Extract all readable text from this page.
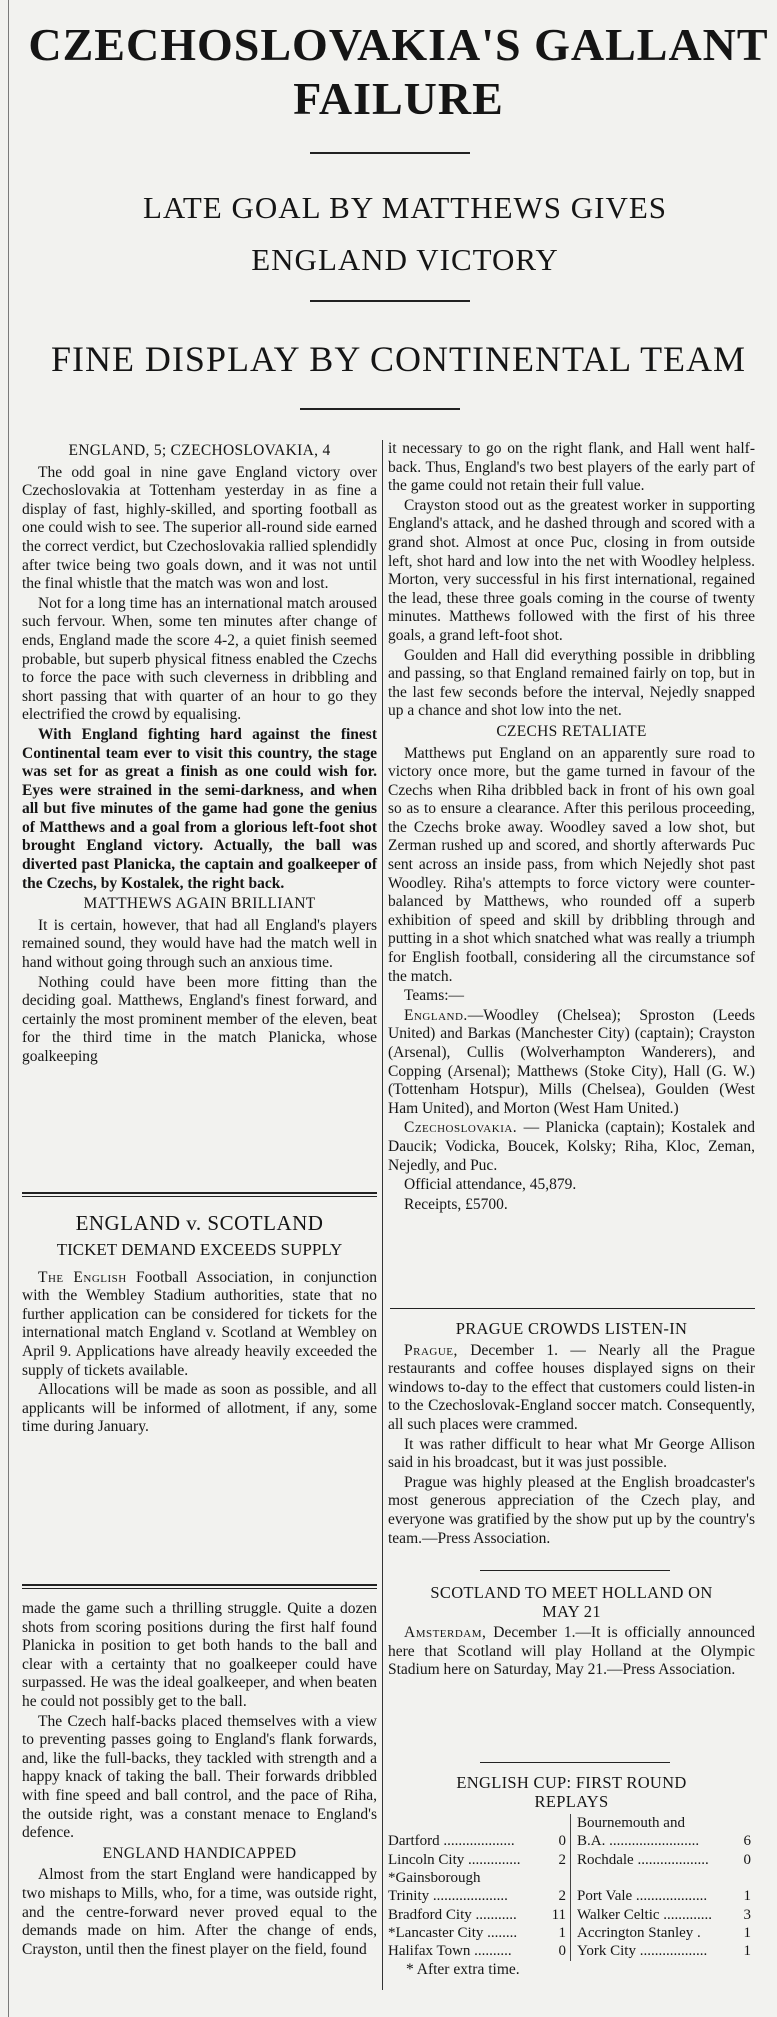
CZECHOSLOVAKIA'S GALLANT FAILURE
LATE GOAL BY MATTHEWS GIVES ENGLAND VICTORY
FINE DISPLAY BY CONTINENTAL TEAM
ENGLAND, 5; CZECHOSLOVAKIA, 4

The odd goal in nine gave England victory over Czechoslovakia at Tottenham yesterday in as fine a display of fast, highly-skilled, and sporting football as one could wish to see. The superior all-round side earned the correct verdict, but Czechoslovakia rallied splendidly after twice being two goals down, and it was not until the final whistle that the match was won and lost.

Not for a long time has an international match aroused such fervour. When, some ten minutes after change of ends, England made the score 4-2, a quiet finish seemed probable, but superb physical fitness enabled the Czechs to force the pace with such cleverness in dribbling and short passing that with quarter of an hour to go they electrified the crowd by equalising.

With England fighting hard against the finest Continental team ever to visit this country, the stage was set for as great a finish as one could wish for. Eyes were strained in the semi-darkness, and when all but five minutes of the game had gone the genius of Matthews and a goal from a glorious left-foot shot brought England victory. Actually, the ball was diverted past Planicka, the captain and goalkeeper of the Czechs, by Kostalek, the right back.

MATTHEWS AGAIN BRILLIANT

It is certain, however, that had all England's players remained sound, they would have had the match well in hand without going through such an anxious time.

Nothing could have been more fitting than the deciding goal. Matthews, England's finest forward, and certainly the most prominent member of the eleven, beat for the third time in the match Planicka, whose goalkeeping

ENGLAND v. SCOTLAND
TICKET DEMAND EXCEEDS SUPPLY

The English Football Association, in conjunction with the Wembley Stadium authorities, state that no further application can be considered for tickets for the international match England v. Scotland at Wembley on April 9. Applications have already heavily exceeded the supply of tickets available.

Allocations will be made as soon as possible, and all applicants will be informed of allotment, if any, some time during January.

made the game such a thrilling struggle. Quite a dozen shots from scoring positions during the first half found Planicka in position to get both hands to the ball and clear with a certainty that no goalkeeper could have surpassed. He was the ideal goalkeeper, and when beaten he could not possibly get to the ball.

The Czech half-backs placed themselves with a view to preventing passes going to England's flank forwards, and, like the full-backs, they tackled with strength and a happy knack of taking the ball. Their forwards dribbled with fine speed and ball control, and the pace of Riha, the outside right, was a constant menace to England's defence.

ENGLAND HANDICAPPED

Almost from the start England were handicapped by two mishaps to Mills, who, for a time, was outside right, and the centre-forward never proved equal to the demands made on him. After the change of ends, Crayston, until then the finest player on the field, found

it necessary to go on the right flank, and Hall went half-back. Thus, England's two best players of the early part of the game could not retain their full value.

Crayston stood out as the greatest worker in supporting England's attack, and he dashed through and scored with a grand shot. Almost at once Puc, closing in from outside left, shot hard and low into the net with Woodley helpless. Morton, very successful in his first international, regained the lead, these three goals coming in the course of twenty minutes. Matthews followed with the first of his three goals, a grand left-foot shot.

Goulden and Hall did everything possible in dribbling and passing, so that England remained fairly on top, but in the last few seconds before the interval, Nejedly snapped up a chance and shot low into the net.

CZECHS RETALIATE

Matthews put England on an apparently sure road to victory once more, but the game turned in favour of the Czechs when Riha dribbled back in front of his own goal so as to ensure a clearance. After this perilous proceeding, the Czechs broke away. Woodley saved a low shot, but Zerman rushed up and scored, and shortly afterwards Puc sent across an inside pass, from which Nejedly shot past Woodley. Riha's attempts to force victory were counter-balanced by Matthews, who rounded off a superb exhibition of speed and skill by dribbling through and putting in a shot which snatched what was really a triumph for English football, considering all the circumstance sof the match.

Teams:—

England.—Woodley (Chelsea); Sproston (Leeds United) and Barkas (Manchester City) (captain); Crayston (Arsenal), Cullis (Wolverhampton Wanderers), and Copping (Arsenal); Matthews (Stoke City), Hall (G. W.) (Tottenham Hotspur), Mills (Chelsea), Goulden (West Ham United), and Morton (West Ham United.)

Czechoslovakia. — Planicka (captain); Kostalek and Daucik; Vodicka, Boucek, Kolsky; Riha, Kloc, Zeman, Nejedly, and Puc.

Official attendance, 45,879.

Receipts, £5700.

PRAGUE CROWDS LISTEN-IN

Prague, December 1. — Nearly all the Prague restaurants and coffee houses displayed signs on their windows to-day to the effect that customers could listen-in to the Czechoslovak-England soccer match. Consequently, all such places were crammed.

It was rather difficult to hear what Mr George Allison said in his broadcast, but it was just possible.

Prague was highly pleased at the English broadcaster's most generous appreciation of the Czech play, and everyone was gratified by the show put up by the country's team.—Press Association.

SCOTLAND TO MEET HOLLAND ON MAY 21

Amsterdam, December 1.—It is officially announced here that Scotland will play Holland at the Olympic Stadium here on Saturday, May 21.—Press Association.

ENGLISH CUP: FIRST ROUND REPLAYS
		Bournemouth and	
Dartford ...................	0	B.A. ........................	6
Lincoln City ..............	2	Rochdale ...................	0
*Gainsborough			
Trinity ....................	2	Port Vale ...................	1
Bradford City ...........	11	Walker Celtic .............	3
*Lancaster City ........	1	Accrington Stanley .	1
Halifax Town ..........	0	York City ..................	1
* After extra time.
